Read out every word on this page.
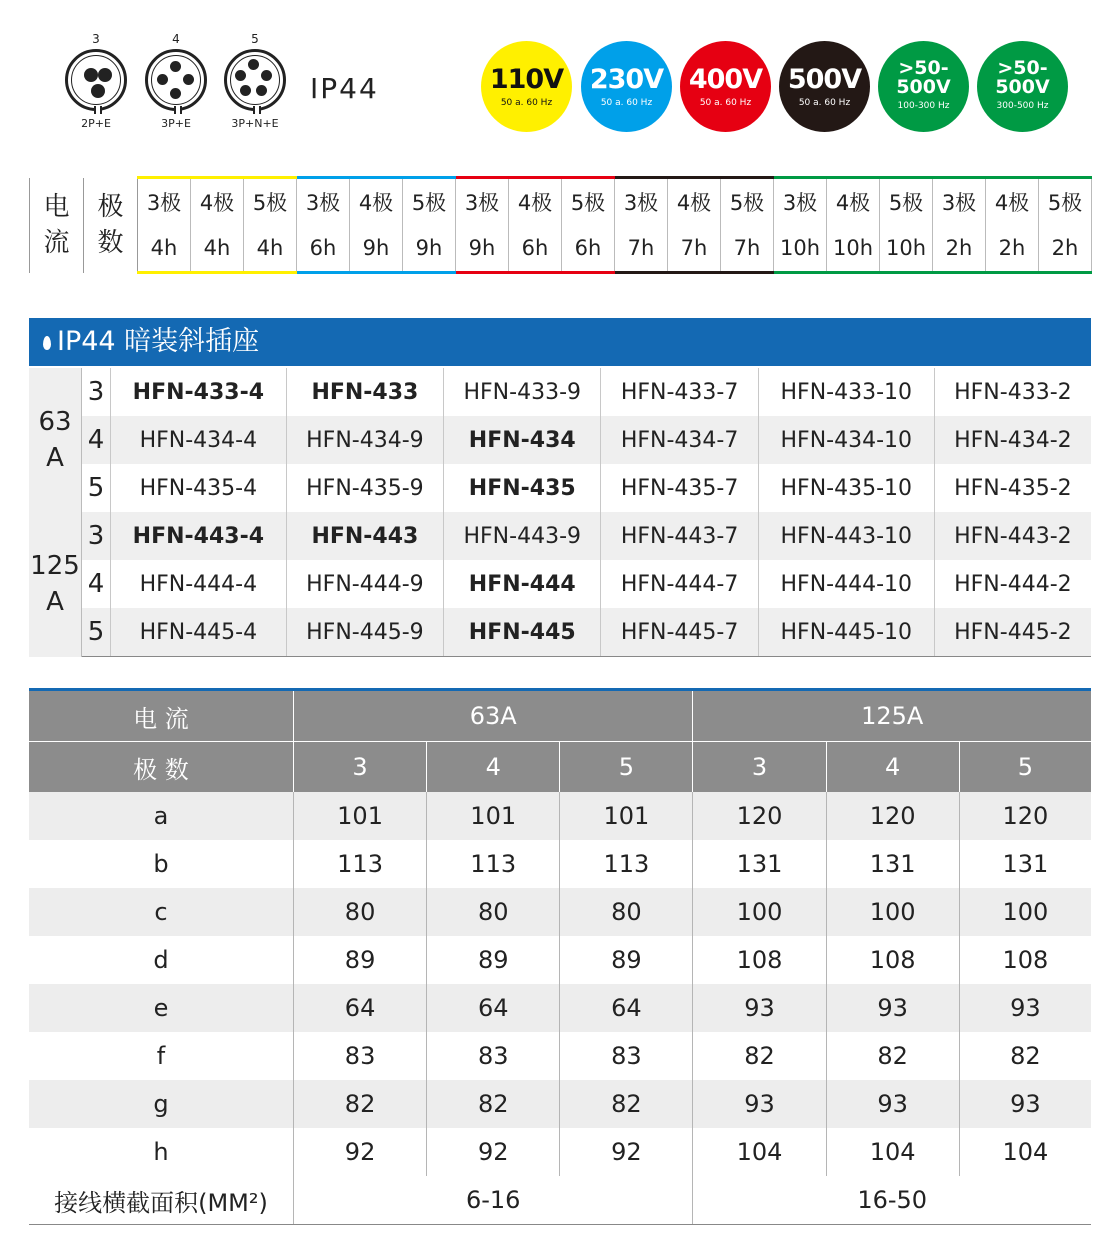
3
2P+E
4
3P+E
5
3P+N+E
IP44	110V
50 a. 60 Hz
230V
50 a. 60 Hz
400V
50 a. 60 Hz
500V
50 a. 60 Hz
>50-
500V
100-300 Hz
>50-
500V
300-500 Hz
电
流	极
数	3极	4极	5极	3极	4极	5极	3极	4极	5极	3极	4极	5极	3极	4极	5极	3极	4极	5极
		4h	4h	4h	6h	9h	9h	9h	6h	6h	7h	7h	7h	10h	10h	10h	2h	2h	2h
IP44 暗装斜插座
63
A	3	HFN-433-4	HFN-433	HFN-433-9	HFN-433-7	HFN-433-10	HFN-433-2
	4	HFN-434-4	HFN-434-9	HFN-434	HFN-434-7	HFN-434-10	HFN-434-2
	5	HFN-435-4	HFN-435-9	HFN-435	HFN-435-7	HFN-435-10	HFN-435-2
125
A	3	HFN-443-4	HFN-443	HFN-443-9	HFN-443-7	HFN-443-10	HFN-443-2
	4	HFN-444-4	HFN-444-9	HFN-444	HFN-444-7	HFN-444-10	HFN-444-2
	5	HFN-445-4	HFN-445-9	HFN-445	HFN-445-7	HFN-445-10	HFN-445-2
电 流	63A			125A		
极 数	3	4	5	3	4	5
a	101	101	101	120	120	120
b	113	113	113	131	131	131
c	80	80	80	100	100	100
d	89	89	89	108	108	108
e	64	64	64	93	93	93
f	83	83	83	82	82	82
g	82	82	82	93	93	93
h	92	92	92	104	104	104
接线横截面积(MM²)	6-16			16-50		
